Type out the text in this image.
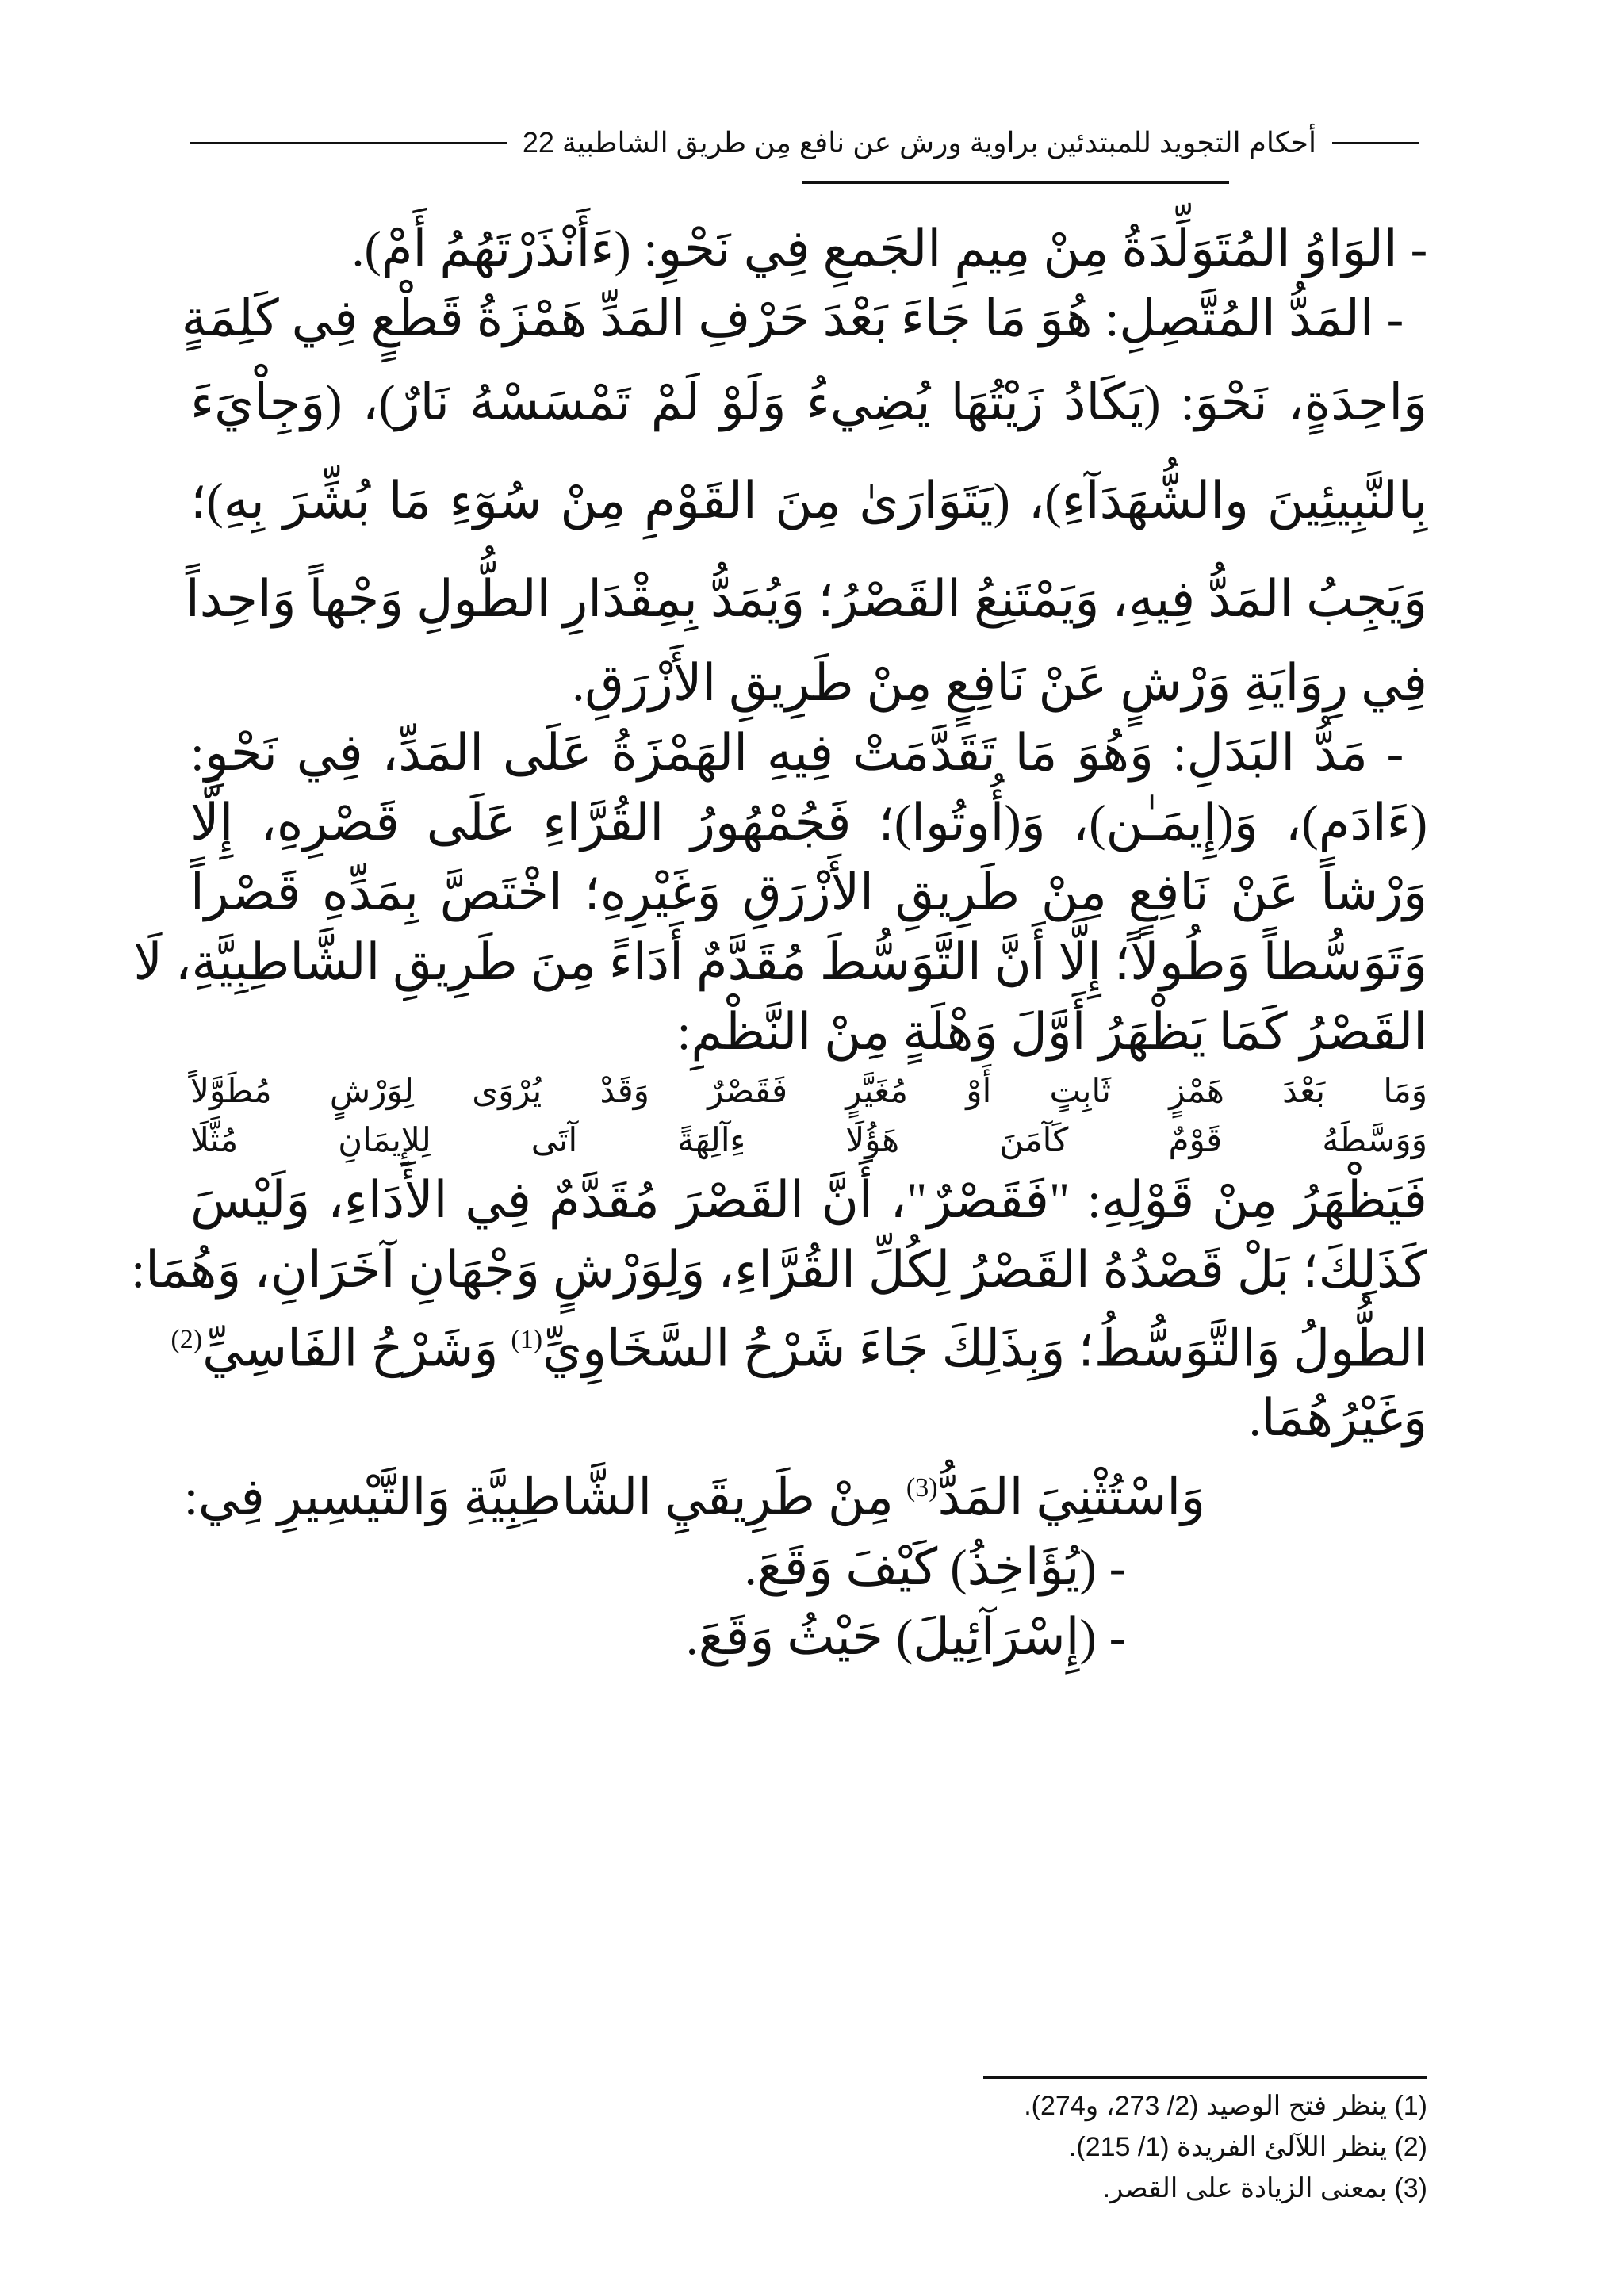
أحكام التجويد للمبتدئين براوية ورش عن نافع مِن طريق الشاطبية 22
- الوَاوُ المُتَوَلِّدَةُ مِنْ مِيمِ الجَمعِ فِي نَحْوِ: (ءَأَنْذَرْتَهُمُ أَمْ).
- المَدُّ المُتَّصِلِ: هُوَ مَا جَاءَ بَعْدَ حَرْفِ المَدِّ هَمْزَةُ قَطْعٍ فِي كَلِمَةٍ
وَاحِدَةٍ، نَحْوَ: (يَكَادُ زَيْتُهَا يُضِيءُ وَلَوْ لَمْ تَمْسَسْهُ نَارٌ)، (وَجِاْيَءَ
بِالنَّبِيئِينَ والشُّهَدَآءِ)، (يَتَوَارَىٰ مِنَ القَوْمِ مِنْ سُوٓءِ مَا بُشِّرَ بِهِ)؛
وَيَجِبُ المَدُّ فِيهِ، وَيَمْتَنِعُ القَصْرُ؛ وَيُمَدُّ بِمِقْدَارِ الطُّولِ وَجْهاً وَاحِداً
فِي رِوَايَةِ وَرْشٍ عَنْ نَافِعٍ مِنْ طَرِيقِ الأَزْرَقِ.
- مَدُّ البَدَلِ: وَهُوَ مَا تَقَدَّمَتْ فِيهِ الهَمْزَةُ عَلَى المَدِّ، فِي نَحْوِ:
(ءَادَم)، وَ(إِيمَـٰن)، وَ(أُوتُوا)؛ فَجُمْهُورُ القُرَّاءِ عَلَى قَصْرِهِ، إِلَّا
وَرْشاً عَنْ نَافِعٍ مِنْ طَرِيقِ الأَزْرَقِ وَغَيْرِهِ؛ اخْتَصَّ بِمَدِّهِ قَصْراً
وَتَوَسُّطاً وَطُولاً؛ إِلَّا أَنَّ التَّوَسُّطَ مُقَدَّمٌ أَدَاءً مِنَ طَرِيقِ الشَّاطِبِيَّةِ، لَا
القَصْرُ كَمَا يَظْهَرُ أَوَّلَ وَهْلَةٍ مِنْ النَّظْمِ:
وَمَا بَعْدَ هَمْزٍ ثَابِتٍ أَوْ مُغَيَّرٍ فَقَصْرٌ وَقَدْ يُرْوَى لِوَرْشٍ مُطَوَّلاً
وَوَسَّطَهُ قَوْمٌ كَآمَنَ هَؤُلَا ءِآلِهَةً آتَى لِلإِيمَانِ مُثَّلَا
فَيَظْهَرُ مِنْ قَوْلِهِ: "فَقَصْرٌ"، أَنَّ القَصْرَ مُقَدَّمٌ فِي الأَدَاءِ، وَلَيْسَ
كَذَلِكَ؛ بَلْ قَصْدُهُ القَصْرُ لِكُلِّ القُرَّاءِ، وَلِوَرْشٍ وَجْهَانِ آخَرَانِ، وَهُمَا:
الطُّولُ وَالتَّوَسُّطُ؛ وَبِذَلِكَ جَاءَ شَرْحُ السَّخَاوِيِّ$^{(1)}$ وَشَرْحُ الفَاسِيِّ$^{(2)}$
وَغَيْرُهُمَا.
وَاسْتُثْنِيَ المَدُّ$^{(3)}$ مِنْ طَرِيقَيِ الشَّاطِبِيَّةِ وَالتَّيْسِيرِ فِي:
- (يُؤَاخِذُ) كَيْفَ وَقَعَ.
- (إِسْرَآئِيلَ) حَيْثُ وَقَعَ.
(1) ينظر فتح الوصيد (2/ 273، و274).
(2) ينظر اللآلئ الفريدة (1/ 215).
(3) بمعنى الزيادة على القصر.
